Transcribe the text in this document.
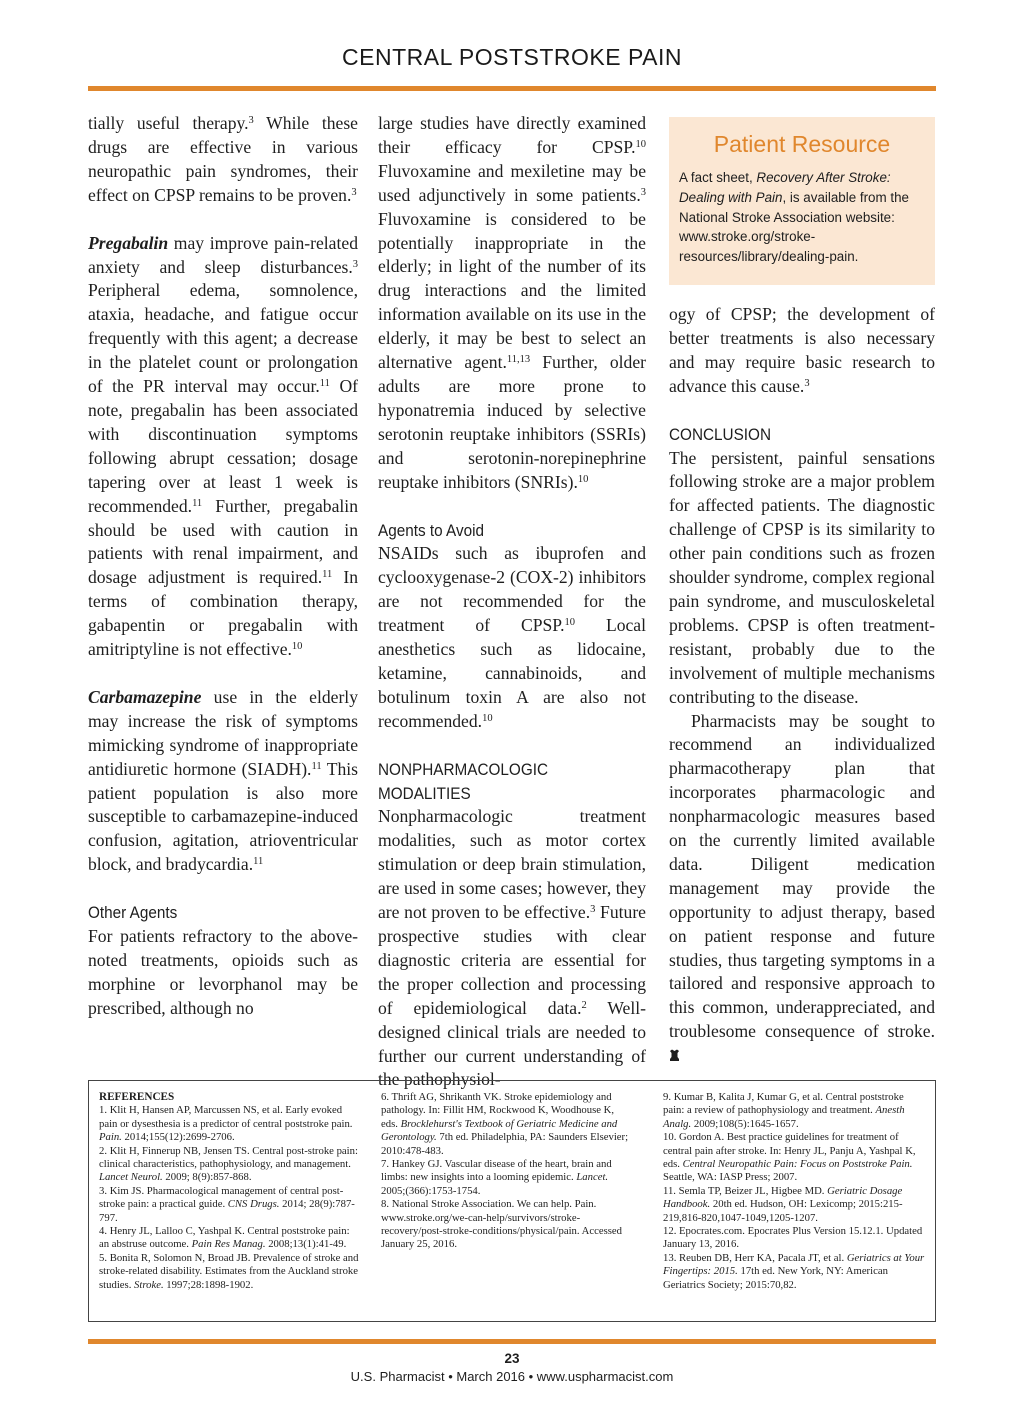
CENTRAL POSTSTROKE PAIN

tially useful therapy.$^3$ While these drugs are effective in various neuropathic pain syndromes, their effect on CPSP remains to be proven.$^3$

Pregabalin may improve pain-related anxiety and sleep disturbances.$^3$ Peripheral edema, somnolence, ataxia, headache, and fatigue occur frequently with this agent; a decrease in the platelet count or prolongation of the PR interval may occur.$^{11}$ Of note, pregabalin has been associated with discontinuation symptoms following abrupt cessation; dosage tapering over at least 1 week is recommended.$^{11}$ Further, pregabalin should be used with caution in patients with renal impairment, and dosage adjustment is required.$^{11}$ In terms of combination therapy, gabapentin or pregabalin with amitriptyline is not effective.$^{10}$

Carbamazepine use in the elderly may increase the risk of symptoms mimicking syndrome of inappropriate antidiuretic hormone (SIADH).$^{11}$ This patient population is also more susceptible to carbamazepine-induced confusion, agitation, atrioventricular block, and bradycardia.$^{11}$

Other Agents

For patients refractory to the above-noted treatments, opioids such as morphine or levorphanol may be prescribed, although no

large studies have directly examined their efficacy for CPSP.$^{10}$ Fluvoxamine and mexiletine may be used adjunctively in some patients.$^3$ Fluvoxamine is considered to be potentially inappropriate in the elderly; in light of the number of its drug interactions and the limited information available on its use in the elderly, it may be best to select an alternative agent.$^{11,13}$ Further, older adults are more prone to hyponatremia induced by selective serotonin reuptake inhibitors (SSRIs) and serotonin-norepinephrine reuptake inhibitors (SNRIs).$^{10}$

Agents to Avoid

NSAIDs such as ibuprofen and cyclooxygenase-2 (COX-2) inhibitors are not recommended for the treatment of CPSP.$^{10}$ Local anesthetics such as lidocaine, ketamine, cannabinoids, and botulinum toxin A are also not recommended.$^{10}$

NONPHARMACOLOGIC
MODALITIES

Nonpharmacologic treatment modalities, such as motor cortex stimulation or deep brain stimulation, are used in some cases; however, they are not proven to be effective.$^3$ Future prospective studies with clear diagnostic criteria are essential for the proper collection and processing of epidemiological data.$^2$ Well-designed clinical trials are needed to further our current understanding of the pathophysiol-

Patient Resource
A fact sheet, Recovery After Stroke: Dealing with Pain, is available from the National Stroke Association website: www.stroke.org/stroke-resources/library/dealing-pain.

ogy of CPSP; the development of better treatments is also necessary and may require basic research to advance this cause.$^3$

CONCLUSION

The persistent, painful sensations following stroke are a major problem for affected patients. The diagnostic challenge of CPSP is its similarity to other pain conditions such as frozen shoulder syndrome, complex regional pain syndrome, and musculoskeletal problems. CPSP is often treatment-resistant, probably due to the involvement of multiple mechanisms contributing to the disease.

Pharmacists may be sought to recommend an individualized pharmacotherapy plan that incorporates pharmacologic and nonpharmacologic measures based on the currently limited available data. Diligent medication management may provide the opportunity to adjust therapy, based on patient response and future studies, thus targeting symptoms in a tailored and responsive approach to this common, underappreciated, and troublesome consequence of stroke.

REFERENCES

1. Klit H, Hansen AP, Marcussen NS, et al. Early evoked pain or dysesthesia is a predictor of central poststroke pain. Pain. 2014;155(12):2699-2706.

2. Klit H, Finnerup NB, Jensen TS. Central post-stroke pain: clinical characteristics, pathophysiology, and management. Lancet Neurol. 2009; 8(9):857-868.

3. Kim JS. Pharmacological management of central post-stroke pain: a practical guide. CNS Drugs. 2014; 28(9):787-797.

4. Henry JL, Lalloo C, Yashpal K. Central poststroke pain: an abstruse outcome. Pain Res Manag. 2008;13(1):41-49.

5. Bonita R, Solomon N, Broad JB. Prevalence of stroke and stroke-related disability. Estimates from the Auckland stroke studies. Stroke. 1997;28:1898-1902.

6. Thrift AG, Shrikanth VK. Stroke epidemiology and pathology. In: Fillit HM, Rockwood K, Woodhouse K, eds. Brocklehurst's Textbook of Geriatric Medicine and Gerontology. 7th ed. Philadelphia, PA: Saunders Elsevier; 2010:478-483.

7. Hankey GJ. Vascular disease of the heart, brain and limbs: new insights into a looming epidemic. Lancet. 2005;(366):1753-1754.

8. National Stroke Association. We can help. Pain. www.stroke.org/we-can-help/survivors/stroke-recovery/post-stroke-conditions/physical/pain. Accessed January 25, 2016.

9. Kumar B, Kalita J, Kumar G, et al. Central poststroke pain: a review of pathophysiology and treatment. Anesth Analg. 2009;108(5):1645-1657.

10. Gordon A. Best practice guidelines for treatment of central pain after stroke. In: Henry JL, Panju A, Yashpal K, eds. Central Neuropathic Pain: Focus on Poststroke Pain. Seattle, WA: IASP Press; 2007.

11. Semla TP, Beizer JL, Higbee MD. Geriatric Dosage Handbook. 20th ed. Hudson, OH: Lexicomp; 2015:215-219,816-820,1047-1049,1205-1207.

12. Epocrates.com. Epocrates Plus Version 15.12.1. Updated January 13, 2016.

13. Reuben DB, Herr KA, Pacala JT, et al. Geriatrics at Your Fingertips: 2015. 17th ed. New York, NY: American Geriatrics Society; 2015:70,82.

23
U.S. Pharmacist • March 2016 • www.uspharmacist.com
